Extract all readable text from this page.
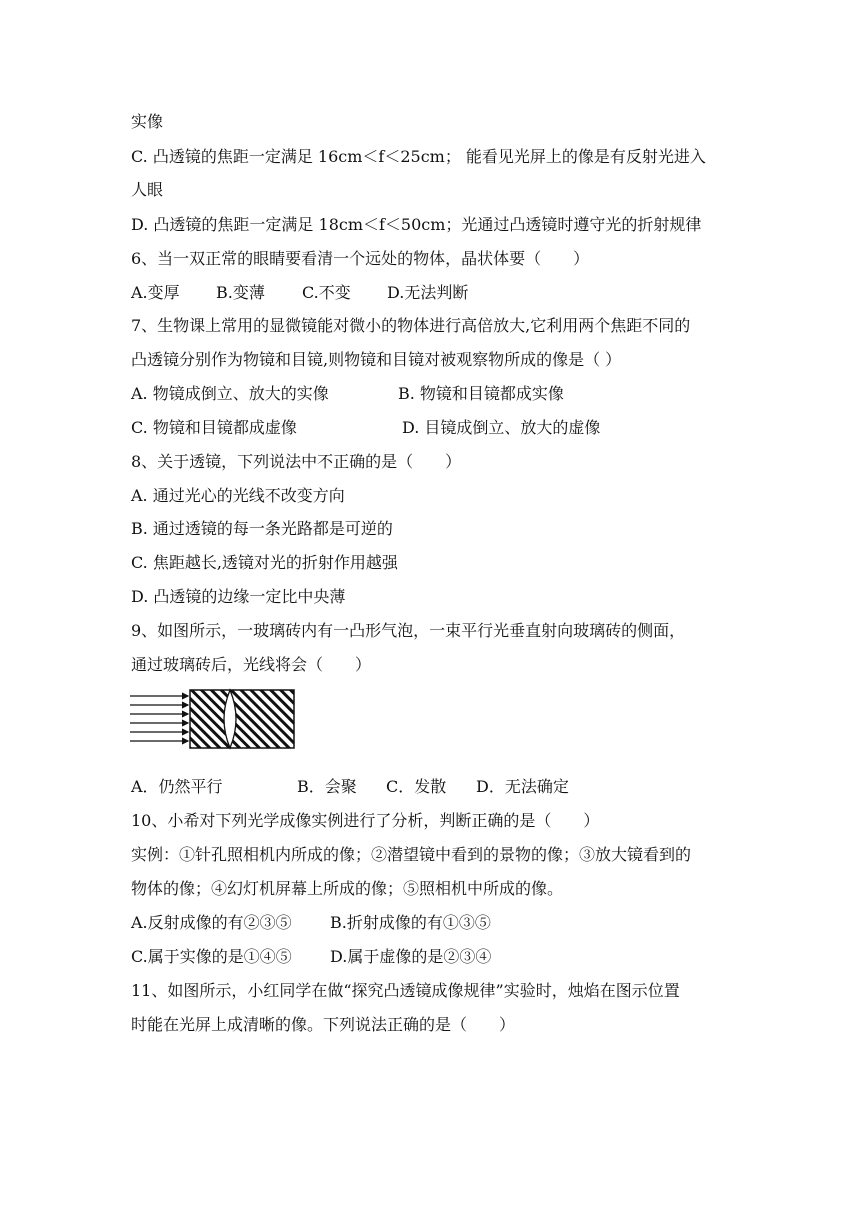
实像
C. 凸透镜的焦距一定满足 16cm＜f＜25cm； 能看见光屏上的像是有反射光进入
人眼
D. 凸透镜的焦距一定满足 18cm＜f＜50cm；光通过凸透镜时遵守光的折射规律
6、当一双正常的眼睛要看清一个远处的物体，晶状体要（　　）
A.变厚 B.变薄 C.不变 D.无法判断
7、生物课上常用的显微镜能对微小的物体进行高倍放大,它利用两个焦距不同的
凸透镜分别作为物镜和目镜,则物镜和目镜对被观察物所成的像是（ ）
A. 物镜成倒立、放大的实像	B. 物镜和目镜都成实像
C. 物镜和目镜都成虚像	D. 目镜成倒立、放大的虚像
8、关于透镜，下列说法中不正确的是（　　）
A. 通过光心的光线不改变方向
B. 通过透镜的每一条光路都是可逆的
C. 焦距越长,透镜对光的折射作用越强
D. 凸透镜的边缘一定比中央薄
9、如图所示，一玻璃砖内有一凸形气泡，一束平行光垂直射向玻璃砖的侧面，
通过玻璃砖后，光线将会（　　）
A．仍然平行	B．会聚 C．发散 D．无法确定
10、小希对下列光学成像实例进行了分析，判断正确的是（　　）
实例：①针孔照相机内所成的像；②潜望镜中看到的景物的像；③放大镜看到的
物体的像；④幻灯机屏幕上所成的像；⑤照相机中所成的像。
A.反射成像的有②③⑤ B.折射成像的有①③⑤
C.属于实像的是①④⑤ D.属于虚像的是②③④
11、如图所示，小红同学在做“探究凸透镜成像规律”实验时，烛焰在图示位置
时能在光屏上成清晰的像。下列说法正确的是（　　）
